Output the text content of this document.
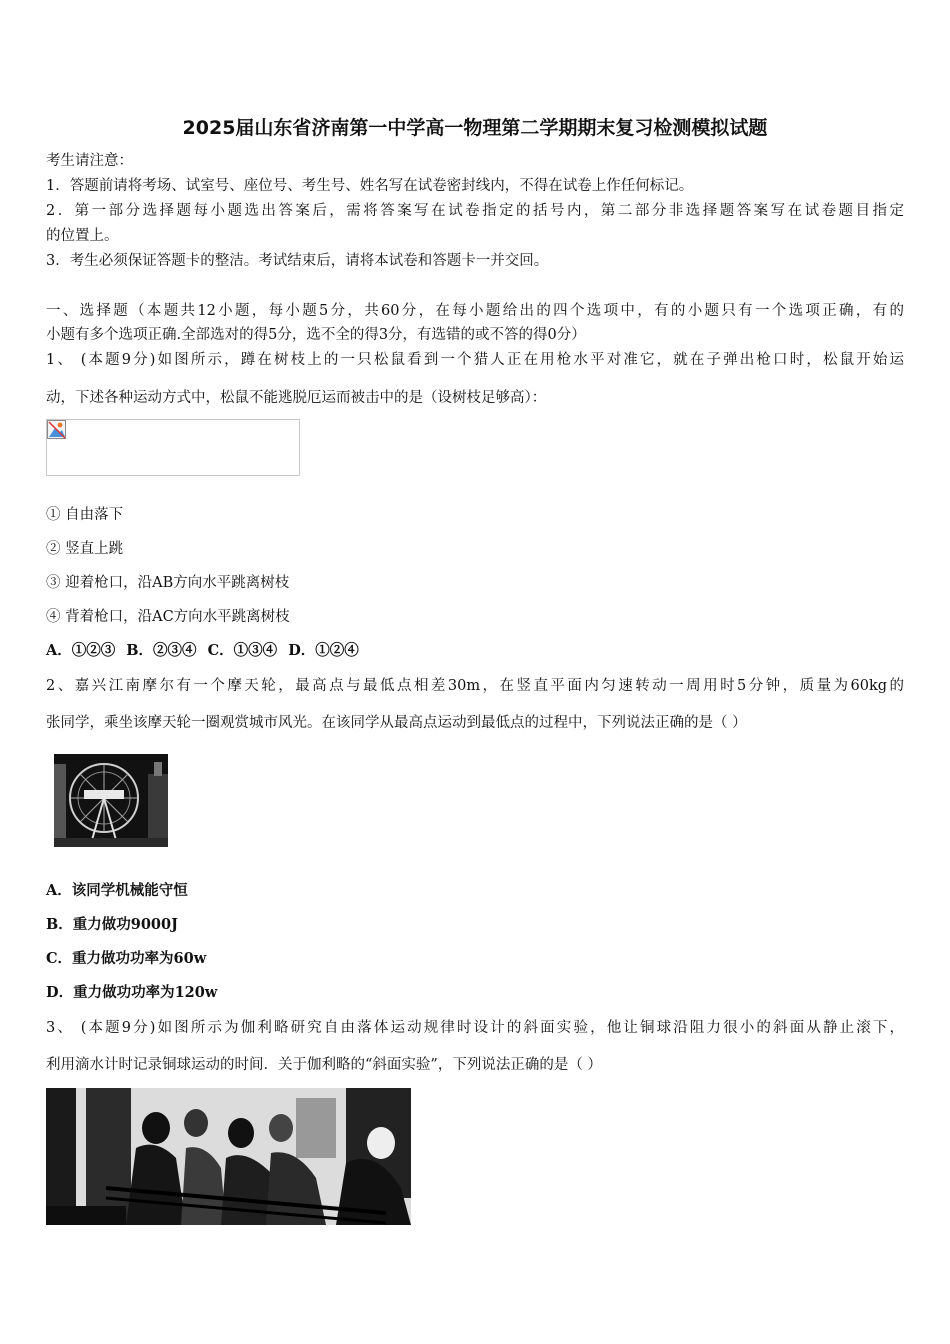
2025届山东省济南第一中学高一物理第二学期期末复习检测模拟试题
考生请注意：
1．答题前请将考场、试室号、座位号、考生号、姓名写在试卷密封线内，不得在试卷上作任何标记。
2．第一部分选择题每小题选出答案后，需将答案写在试卷指定的括号内，第二部分非选择题答案写在试卷题目指定
的位置上。
3．考生必须保证答题卡的整洁。考试结束后，请将本试卷和答题卡一并交回。
一、选择题（本题共12小题，每小题5分，共60分，在每小题给出的四个选项中，有的小题只有一个选项正确，有的
小题有多个选项正确.全部选对的得5分，选不全的得3分，有选错的或不答的得0分）
1、 (本题9分)如图所示，蹲在树枝上的一只松鼠看到一个猎人正在用枪水平对准它，就在子弹出枪口时，松鼠开始运
动，下述各种运动方式中，松鼠不能逃脱厄运而被击中的是（设树枝足够高）：
① 自由落下
② 竖直上跳
③ 迎着枪口，沿AB方向水平跳离树枝
④ 背着枪口，沿AC方向水平跳离树枝
A．①②③ B．②③④ C．①③④ D．①②④
2、嘉兴江南摩尔有一个摩天轮，最高点与最低点相差30m，在竖直平面内匀速转动一周用时5分钟，质量为60kg的
张同学，乘坐该摩天轮一圈观赏城市风光。在该同学从最高点运动到最低点的过程中，下列说法正确的是（ ）
A．该同学机械能守恒
B．重力做功9000J
C．重力做功功率为60w
D．重力做功功率为120w
3、 (本题9分)如图所示为伽利略研究自由落体运动规律时设计的斜面实验，他让铜球沿阻力很小的斜面从静止滚下，
利用滴水计时记录铜球运动的时间．关于伽利略的“斜面实验”，下列说法正确的是（ ）
